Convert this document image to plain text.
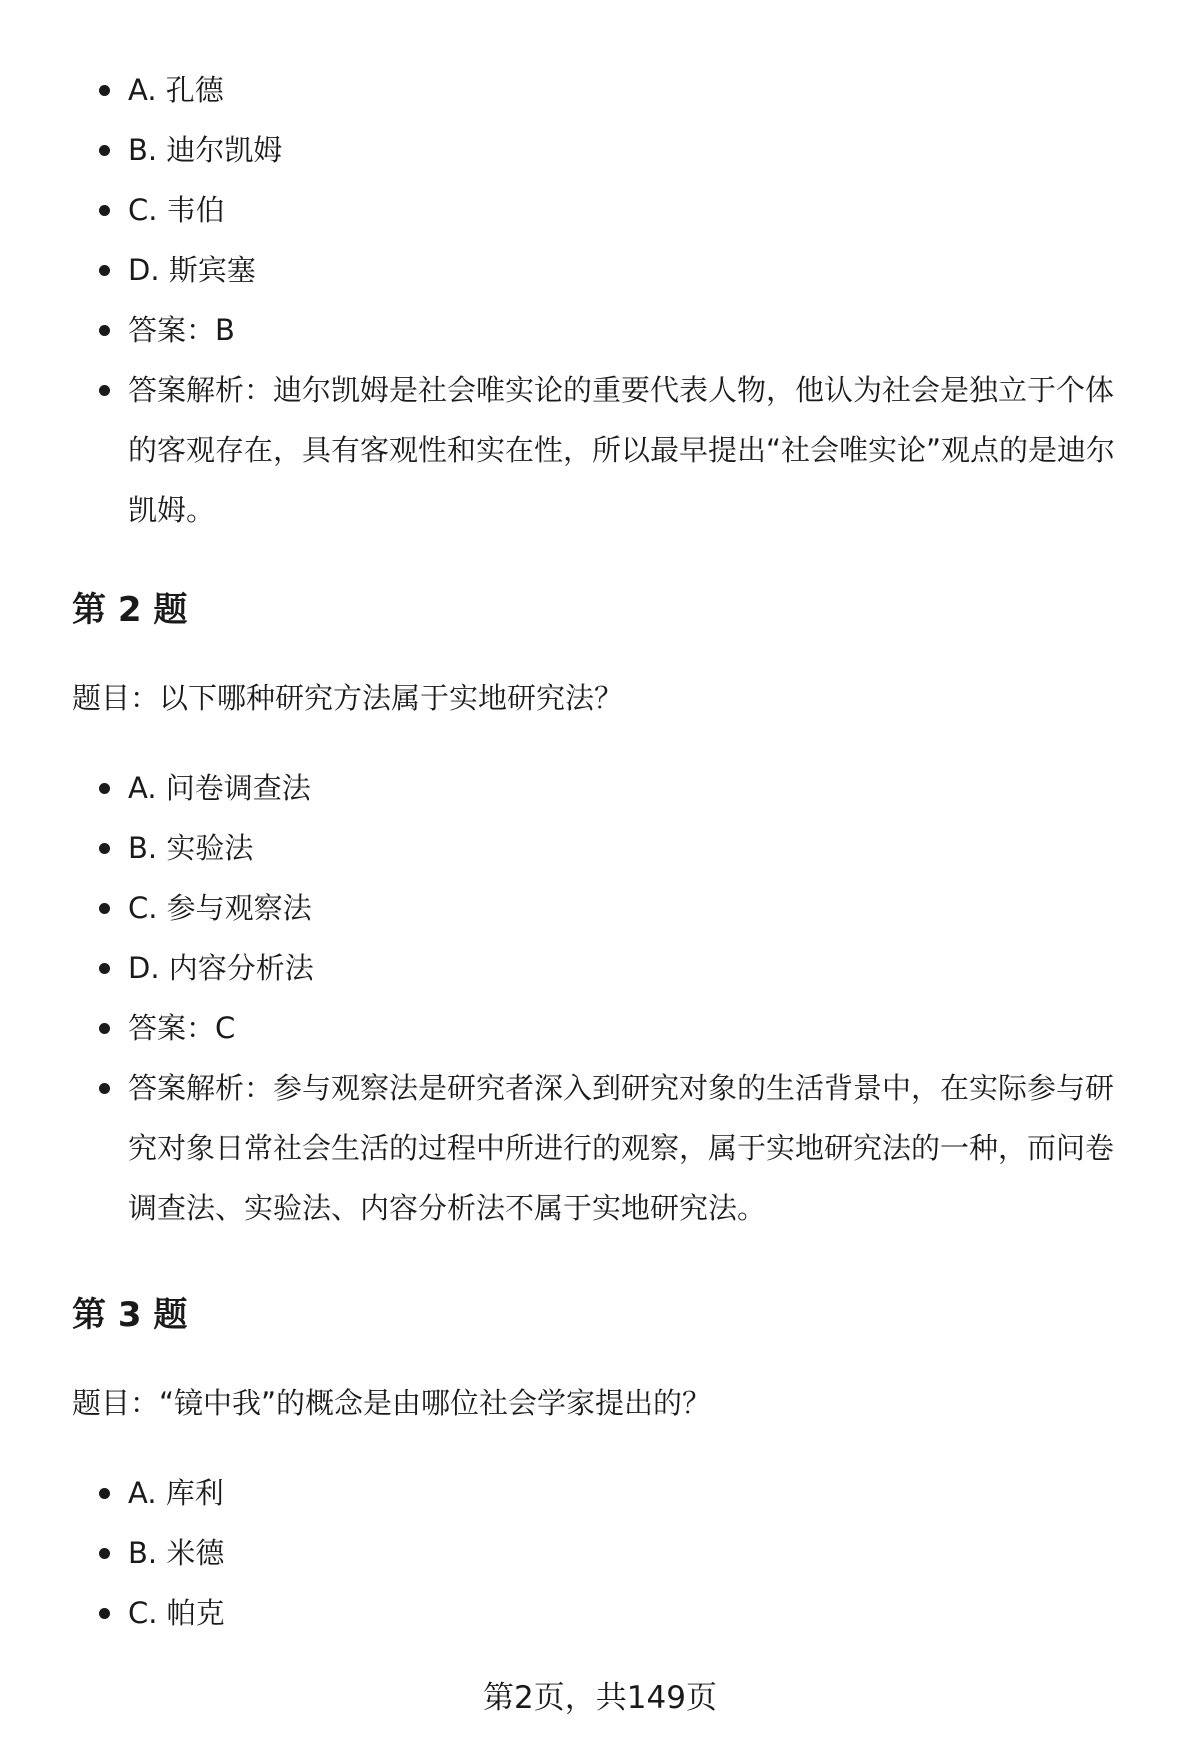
A. 孔德
B. 迪尔凯姆
C. 韦伯
D. 斯宾塞
答案：B
答案解析：迪尔凯姆是社会唯实论的重要代表人物，他认为社会是独立于个体的客观存在，具有客观性和实在性，所以最早提出“社会唯实论”观点的是迪尔凯姆。
第 2 题

题目：以下哪种研究方法属于实地研究法？

A. 问卷调查法
B. 实验法
C. 参与观察法
D. 内容分析法
答案：C
答案解析：参与观察法是研究者深入到研究对象的生活背景中，在实际参与研究对象日常社会生活的过程中所进行的观察，属于实地研究法的一种，而问卷调查法、实验法、内容分析法不属于实地研究法。
第 3 题

题目：“镜中我”的概念是由哪位社会学家提出的？

A. 库利
B. 米德
C. 帕克
第2页，共149页
